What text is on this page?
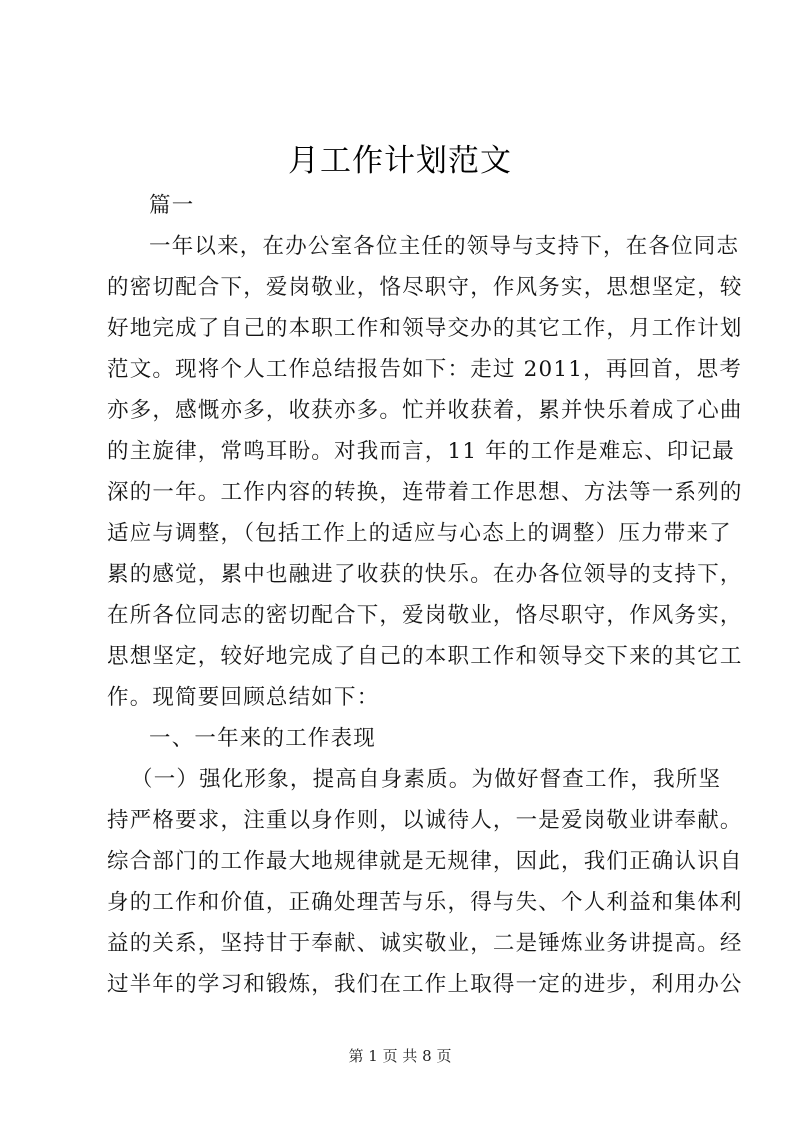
月工作计划范文
篇一
一年以来，在办公室各位主任的领导与支持下，在各位同志
的密切配合下，爱岗敬业，恪尽职守，作风务实，思想坚定，较
好地完成了自己的本职工作和领导交办的其它工作，月工作计划
范文。现将个人工作总结报告如下：走过 2011，再回首，思考
亦多，感慨亦多，收获亦多。忙并收获着，累并快乐着成了心曲
的主旋律，常鸣耳盼。对我而言，11 年的工作是难忘、印记最
深的一年。工作内容的转换，连带着工作思想、方法等一系列的
适应与调整，（包括工作上的适应与心态上的调整）压力带来了
累的感觉，累中也融进了收获的快乐。在办各位领导的支持下，
在所各位同志的密切配合下，爱岗敬业，恪尽职守，作风务实，
思想坚定，较好地完成了自己的本职工作和领导交下来的其它工
作。现简要回顾总结如下：
一、一年来的工作表现
（一）强化形象，提高自身素质。为做好督查工作，我所坚
持严格要求，注重以身作则，以诚待人，一是爱岗敬业讲奉献。
综合部门的工作最大地规律就是无规律，因此，我们正确认识自
身的工作和价值，正确处理苦与乐，得与失、个人利益和集体利
益的关系，坚持甘于奉献、诚实敬业，二是锤炼业务讲提高。经
过半年的学习和锻炼，我们在工作上取得一定的进步，利用办公
第 1 页 共 8 页
